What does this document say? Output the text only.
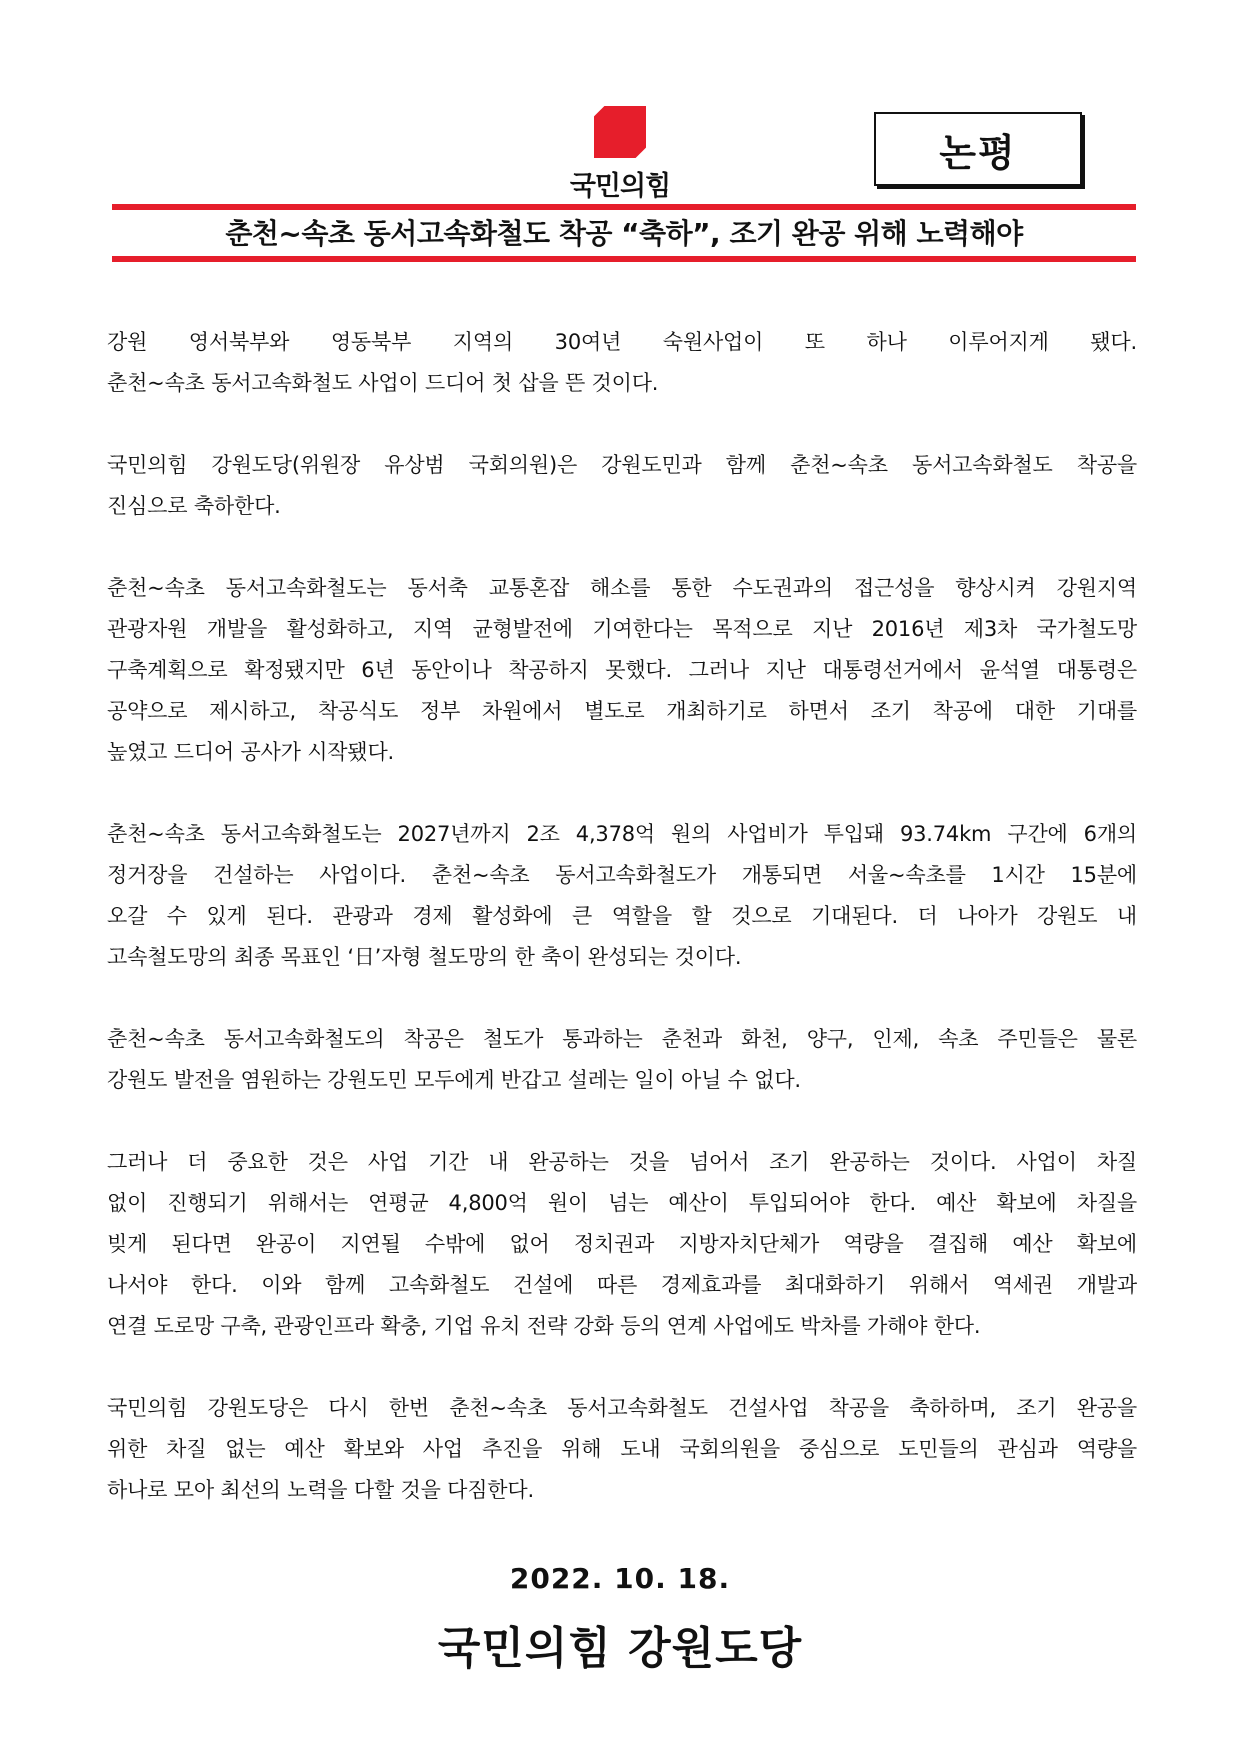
국민의힘
논평
춘천~속초 동서고속화철도 착공 “축하”, 조기 완공 위해 노력해야

강원 영서북부와 영동북부 지역의 30여년 숙원사업이 또 하나 이루어지게 됐다.
춘천~속초 동서고속화철도 사업이 드디어 첫 삽을 뜬 것이다.

국민의힘 강원도당(위원장 유상범 국회의원)은 강원도민과 함께 춘천~속초 동서고속화철도 착공을
진심으로 축하한다.

춘천~속초 동서고속화철도는 동서축 교통혼잡 해소를 통한 수도권과의 접근성을 향상시켜 강원지역
관광자원 개발을 활성화하고, 지역 균형발전에 기여한다는 목적으로 지난 2016년 제3차 국가철도망
구축계획으로 확정됐지만 6년 동안이나 착공하지 못했다. 그러나 지난 대통령선거에서 윤석열 대통령은
공약으로 제시하고, 착공식도 정부 차원에서 별도로 개최하기로 하면서 조기 착공에 대한 기대를
높였고 드디어 공사가 시작됐다.

춘천~속초 동서고속화철도는 2027년까지 2조 4,378억 원의 사업비가 투입돼 93.74km 구간에 6개의
정거장을 건설하는 사업이다. 춘천~속초 동서고속화철도가 개통되면 서울~속초를 1시간 15분에
오갈 수 있게 된다. 관광과 경제 활성화에 큰 역할을 할 것으로 기대된다. 더 나아가 강원도 내
고속철도망의 최종 목표인 ‘日’자형 철도망의 한 축이 완성되는 것이다.

춘천~속초 동서고속화철도의 착공은 철도가 통과하는 춘천과 화천, 양구, 인제, 속초 주민들은 물론
강원도 발전을 염원하는 강원도민 모두에게 반갑고 설레는 일이 아닐 수 없다.

그러나 더 중요한 것은 사업 기간 내 완공하는 것을 넘어서 조기 완공하는 것이다. 사업이 차질
없이 진행되기 위해서는 연평균 4,800억 원이 넘는 예산이 투입되어야 한다. 예산 확보에 차질을
빚게 된다면 완공이 지연될 수밖에 없어 정치권과 지방자치단체가 역량을 결집해 예산 확보에
나서야 한다. 이와 함께 고속화철도 건설에 따른 경제효과를 최대화하기 위해서 역세권 개발과
연결 도로망 구축, 관광인프라 확충, 기업 유치 전략 강화 등의 연계 사업에도 박차를 가해야 한다.

국민의힘 강원도당은 다시 한번 춘천~속초 동서고속화철도 건설사업 착공을 축하하며, 조기 완공을
위한 차질 없는 예산 확보와 사업 추진을 위해 도내 국회의원을 중심으로 도민들의 관심과 역량을
하나로 모아 최선의 노력을 다할 것을 다짐한다.

2022. 10. 18.
국민의힘 강원도당
